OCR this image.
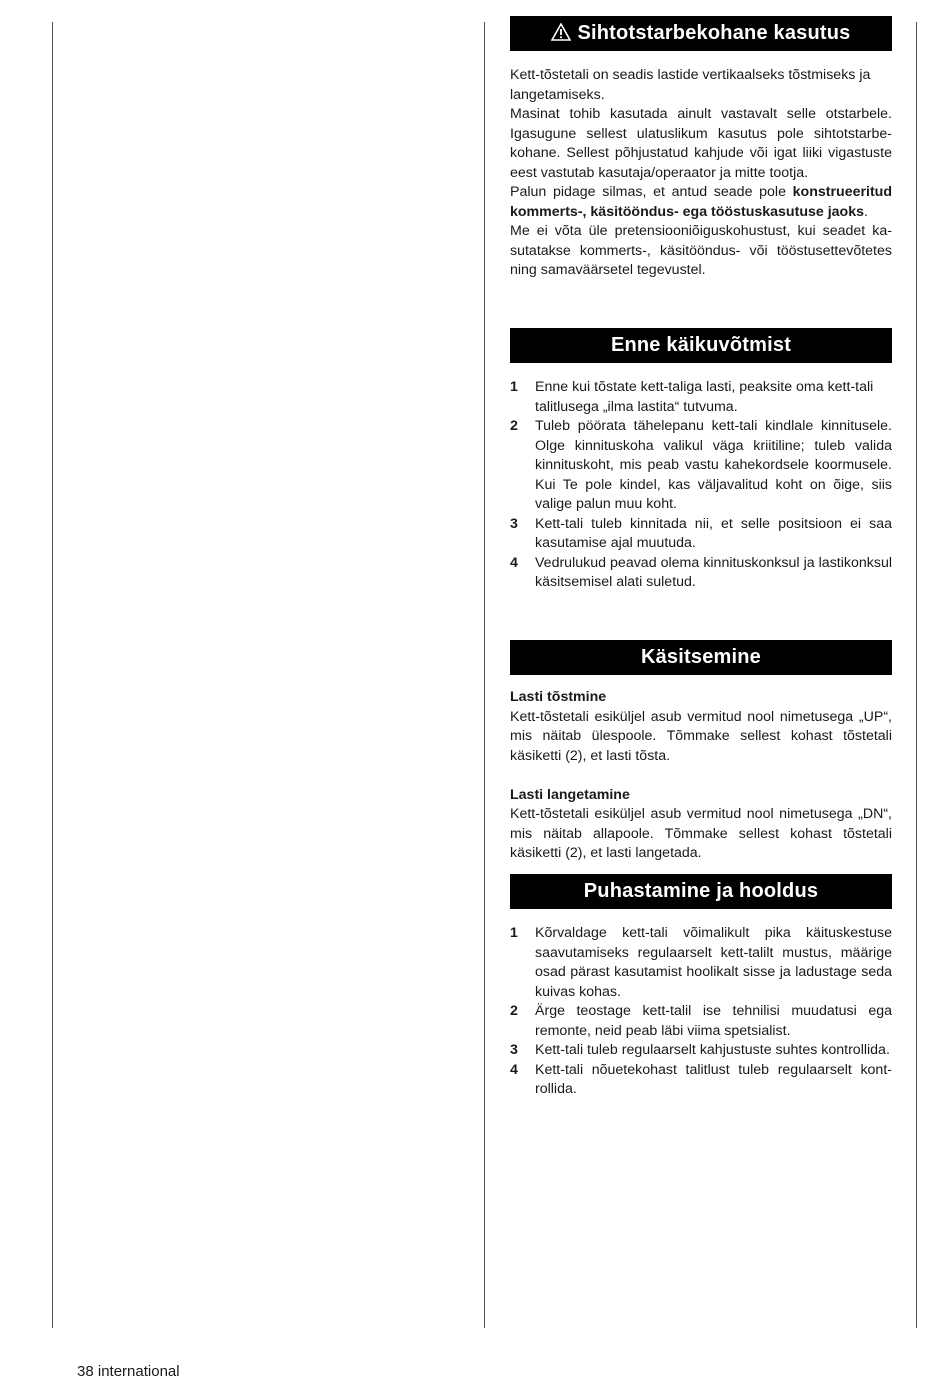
Sihtotstarbekohane kasutus

Kett-tõstetali on seadis lastide vertikaalseks tõstmiseks ja langetamiseks.

Masinat tohib kasutada ainult vastavalt selle otstarbele. Igasugune sellest ulatuslikum kasutus pole sihtotstarbekohane. Sellest põhjustatud kahjude või igat liiki vigastuste eest vastutab kasutaja/operaator ja mitte tootja.

Palun pidage silmas, et antud seade pole konstrueeritud kommerts-, käsitööndus- ega tööstuskasutuse jaoks.

Me ei võta üle pretensiooniõiguskohustust, kui seadet kasutatakse kommerts-, käsitööndus- või tööstusettevõtetes ning samaväärsetel tegevustel.

Enne käikuvõtmist
1	Enne kui tõstate kett-taliga lasti, peaksite oma kett-tali talitlusega „ilma lastita“ tutvuma.
2	Tuleb pöörata tähelepanu kett-tali kindlale kinnitusele. Olge kinnituskoha valikul väga kriitiline; tuleb valida kinnituskoht, mis peab vastu kahekordsele koormusele. Kui Te pole kindel, kas väljavalitud koht on õige, siis valige palun muu koht.
3	Kett-tali tuleb kinnitada nii, et selle positsioon ei saa kasutamise ajal muutuda.
4	Vedrulukud peavad olema kinnituskonksul ja lastikonksul käsitsemisel alati suletud.
Käsitsemine

Lasti tõstmine

Kett-tõstetali esiküljel asub vermitud nool nimetusega „UP“, mis näitab ülespoole. Tõmmake sellest kohast tõstetali käsiketti (2), et lasti tõsta.

Lasti langetamine

Kett-tõstetali esiküljel asub vermitud nool nimetusega „DN“, mis näitab allapoole. Tõmmake sellest kohast tõstetali käsiketti (2), et lasti langetada.

Puhastamine ja hooldus
1	Kõrvaldage kett-tali võimalikult pika käituskestuse saavutamiseks regulaarselt kett-talilt mustus, määrige osad pärast kasutamist hoolikalt sisse ja ladustage seda kuivas kohas.
2	Ärge teostage kett-talil ise tehnilisi muudatusi ega remonte, neid peab läbi viima spetsialist.
3	Kett-tali tuleb regulaarselt kahjustuste suhtes kontrollida.
4	Kett-tali nõuetekohast talitlust tuleb regulaarselt kontrollida.
38 international
